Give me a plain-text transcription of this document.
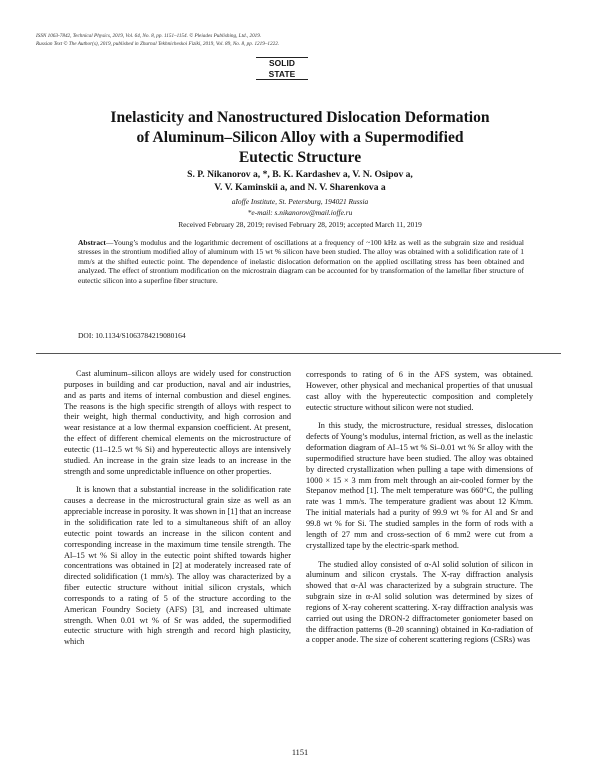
ISSN 1063-7842, Technical Physics, 2019, Vol. 64, No. 8, pp. 1151–1154. © Pleiades Publishing, Ltd., 2019.
Russian Text © The Author(s), 2019, published in Zhurnal Tekhnicheskoi Fiziki, 2019, Vol. 89, No. 8, pp. 1219–1222.
SOLID
STATE
Inelasticity and Nanostructured Dislocation Deformation
of Aluminum–Silicon Alloy with a Supermodified
Eutectic Structure
S. P. Nikanorov a, *, B. K. Kardashev a, V. N. Osipov a,
V. V. Kaminskii a, and N. V. Sharenkova a
aIoffe Institute, St. Petersburg, 194021 Russia
*e-mail: s.nikanorov@mail.ioffe.ru
Received February 28, 2019; revised February 28, 2019; accepted March 11, 2019
Abstract—Young’s modulus and the logarithmic decrement of oscillations at a frequency of ~100 kHz as well as the subgrain size and residual stresses in the strontium modified alloy of aluminum with 15 wt % silicon have been studied. The alloy was obtained with a solidification rate of 1 mm/s at the shifted eutectic point. The dependence of inelastic dislocation deformation on the applied oscillating stress has been obtained and analyzed. The effect of strontium modification on the microstrain diagram can be accounted for by transformation of the lamellar fiber structure of eutectic silicon into a superfine fiber structure.
DOI: 10.1134/S1063784219080164

Cast aluminum–silicon alloys are widely used for construction purposes in building and car production, naval and air industries, and as parts and items of internal combustion and diesel engines. The reasons is the high specific strength of alloys with respect to their weight, high thermal conductivity, and high corrosion and wear resistance at a low thermal expansion coefficient. At present, the effect of different chemical elements on the microstructure of eutectic (11–12.5 wt % Si) and hypereutectic alloys are intensively studied. An increase in the grain size leads to an increase in the strength and some unpredictable influence on other properties.

It is known that a substantial increase in the solidification rate causes a decrease in the microstructural grain size as well as an appreciable increase in porosity. It was shown in [1] that an increase in the solidification rate led to a simultaneous shift of an alloy eutectic point towards an increase in the silicon content and corresponding increase in the maximum time tensile strength. The Al–15 wt % Si alloy in the eutectic point shifted towards higher concentrations was obtained in [2] at moderately increased rate of directed solidification (1 mm/s). The alloy was characterized by a fiber eutectic structure without initial silicon crystals, which corresponds to a rating of 5 of the structure according to the American Foundry Society (AFS) [3], and increased ultimate strength. When 0.01 wt % of Sr was added, the supermodified eutectic structure with high strength and record high plasticity, which

corresponds to rating of 6 in the AFS system, was obtained. However, other physical and mechanical properties of that unusual cast alloy with the hypereutectic composition and completely eutectic structure without silicon were not studied.

In this study, the microstructure, residual stresses, dislocation defects of Young’s modulus, internal friction, as well as the inelastic deformation diagram of Al–15 wt % Si–0.01 wt % Sr alloy with the supermodified structure have been studied. The alloy was obtained by directed crystallization when pulling a tape with dimensions of 1000 × 15 × 3 mm from melt through an air-cooled former by the Stepanov method [1]. The melt temperature was 660°C, the pulling rate was 1 mm/s. The temperature gradient was about 12 K/mm. The initial materials had a purity of 99.9 wt % for Al and Sr and 99.8 wt % for Si. The studied samples in the form of rods with a length of 27 mm and cross-section of 6 mm2 were cut from a crystallized tape by the electric-spark method.

The studied alloy consisted of α-Al solid solution of silicon in aluminum and silicon crystals. The X-ray diffraction analysis showed that α-Al was characterized by a subgrain structure. The subgrain size in α-Al solid solution was determined by sizes of regions of X-ray coherent scattering. X-ray diffraction analysis was carried out using the DRON-2 diffractometer goniometer based on the diffraction patterns (θ–2θ scanning) obtained in Kα-radiation of a copper anode. The size of coherent scattering regions (CSRs) was

1151
